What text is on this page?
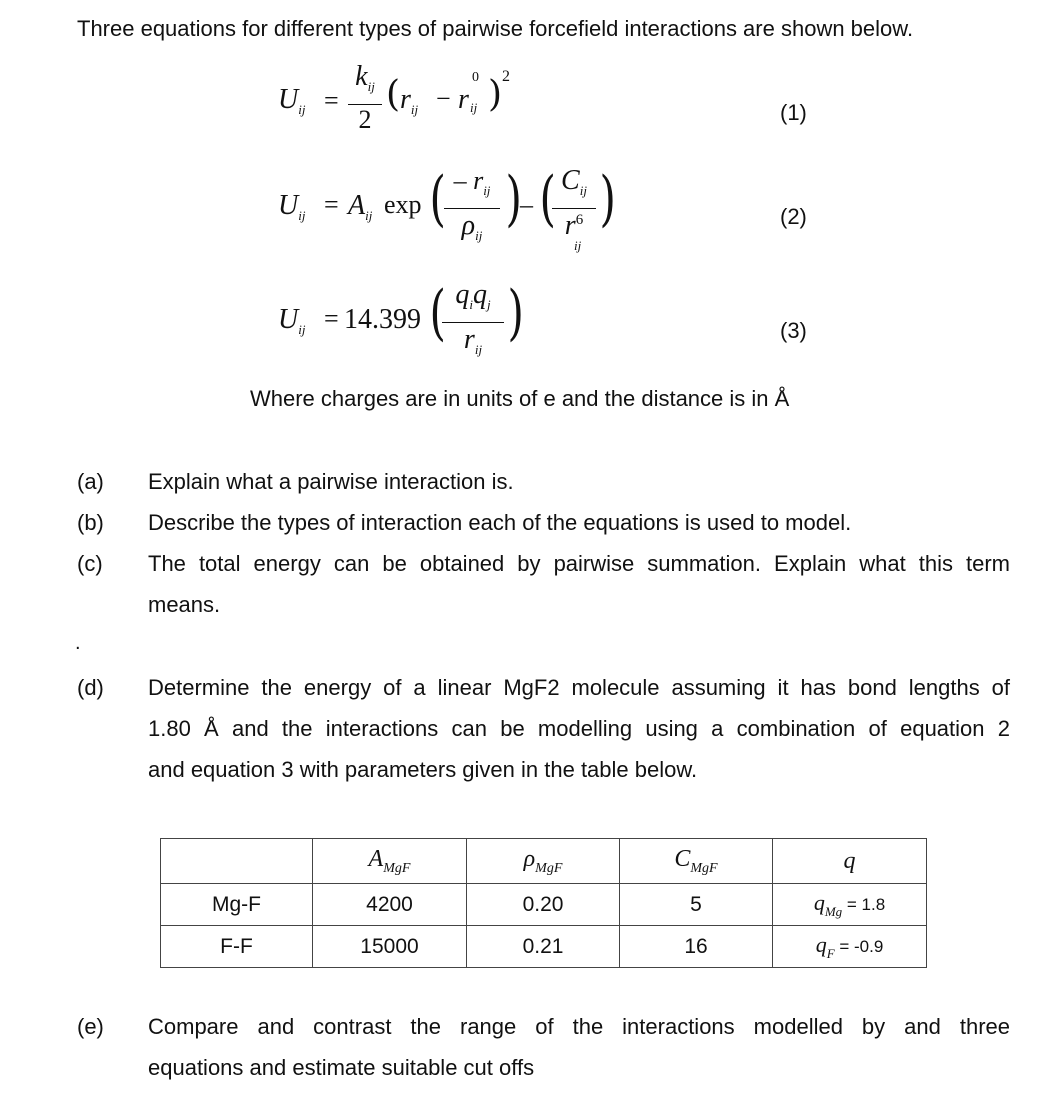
Three equations for different types of pairwise forcefield interactions are shown below.
$U_{ij}$ =
$k_{ij}$
2
( $r_{ij} - r$
0
ij ) 2
(1)
$U_{ij} = A_{ij}$ exp ( – $r_{ij}$
$\rho_{ij}$
)
– ( $C_{ij}$
$r^6$
ij
)	(2)
$U_{ij} = 14.399$ ( $q_iq_j$
$r_{ij}$
)	(3)
Where charges are in units of e and the distance is in Å
(a) Explain what a pairwise interaction is.
(b) Describe the types of interaction each of the equations is used to model.
(c) The total energy can be obtained by pairwise summation. Explain what this term
means.
.
(d) Determine the energy of a linear MgF2 molecule assuming it has bond lengths of
1.80 Å and the interactions can be modelling using a combination of equation 2
and equation 3 with parameters given in the table below.
	$A_{MgF}$	$\rho_{MgF}$	$C_{MgF}$	q
Mg-F	4200	0.20	5	$q_{Mg} = 1.8$
F-F	15000	0.21	16	$q_F = -0.9$
(e) Compare and contrast the range of the interactions modelled by and three
equations and estimate suitable cut offs
